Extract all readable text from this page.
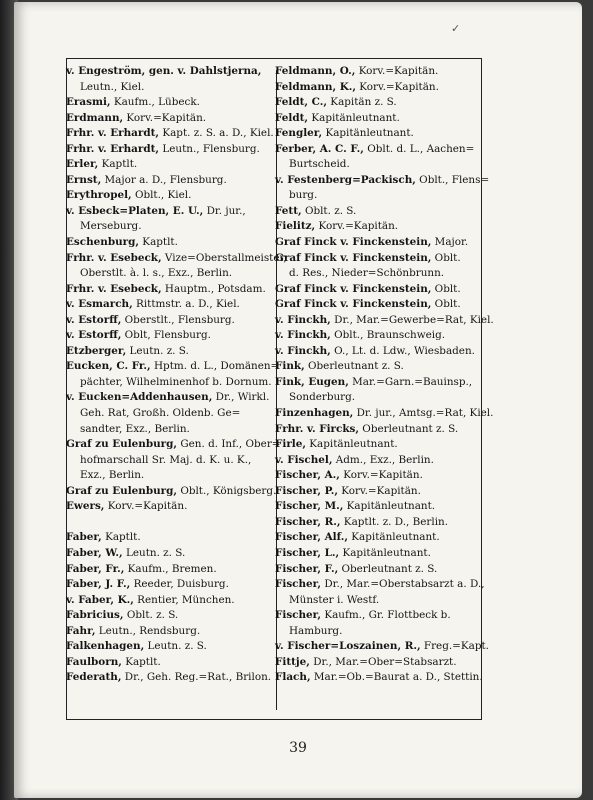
✓
39
v. Engeström, gen. v. Dahlstjerna,
Leutn., Kiel.
Erasmi, Kaufm., Lübeck.
Erdmann, Korv.=Kapitän.
Frhr. v. Erhardt, Kapt. z. S. a. D., Kiel.
Frhr. v. Erhardt, Leutn., Flensburg.
Erler, Kaptlt.
Ernst, Major a. D., Flensburg.
Erythropel, Oblt., Kiel.
v. Esbeck=Platen, E. U., Dr. jur.,
Merseburg.
Eschenburg, Kaptlt.
Frhr. v. Esebeck, Vize=Oberstallmeister,
Oberstlt. à. l. s., Exz., Berlin.
Frhr. v. Esebeck, Hauptm., Potsdam.
v. Esmarch, Rittmstr. a. D., Kiel.
v. Estorff, Oberstlt., Flensburg.
v. Estorff, Oblt, Flensburg.
Etzberger, Leutn. z. S.
Eucken, C. Fr., Hptm. d. L., Domänen=
pächter, Wilhelminenhof b. Dornum.
v. Eucken=Addenhausen, Dr., Wirkl.
Geh. Rat, Großh. Oldenb. Ge=
sandter, Exz., Berlin.
Graf zu Eulenburg, Gen. d. Inf., Ober=
hofmarschall Sr. Maj. d. K. u. K.,
Exz., Berlin.
Graf zu Eulenburg, Oblt., Königsberg.
Ewers, Korv.=Kapitän.
Faber, Kaptlt.
Faber, W., Leutn. z. S.
Faber, Fr., Kaufm., Bremen.
Faber, J. F., Reeder, Duisburg.
v. Faber, K., Rentier, München.
Fabricius, Oblt. z. S.
Fahr, Leutn., Rendsburg.
Falkenhagen, Leutn. z. S.
Faulborn, Kaptlt.
Federath, Dr., Geh. Reg.=Rat., Brilon.
Feldmann, O., Korv.=Kapitän.
Feldmann, K., Korv.=Kapitän.
Feldt, C., Kapitän z. S.
Feldt, Kapitänleutnant.
Fengler, Kapitänleutnant.
Ferber, A. C. F., Oblt. d. L., Aachen=
Burtscheid.
v. Festenberg=Packisch, Oblt., Flens=
burg.
Fett, Oblt. z. S.
Fielitz, Korv.=Kapitän.
Graf Finck v. Finckenstein, Major.
Graf Finck v. Finckenstein, Oblt.
d. Res., Nieder=Schönbrunn.
Graf Finck v. Finckenstein, Oblt.
Graf Finck v. Finckenstein, Oblt.
v. Finckh, Dr., Mar.=Gewerbe=Rat, Kiel.
v. Finckh, Oblt., Braunschweig.
v. Finckh, O., Lt. d. Ldw., Wiesbaden.
Fink, Oberleutnant z. S.
Fink, Eugen, Mar.=Garn.=Bauinsp.,
Sonderburg.
Finzenhagen, Dr. jur., Amtsg.=Rat, Kiel.
Frhr. v. Fircks, Oberleutnant z. S.
Firle, Kapitänleutnant.
v. Fischel, Adm., Exz., Berlin.
Fischer, A., Korv.=Kapitän.
Fischer, P., Korv.=Kapitän.
Fischer, M., Kapitänleutnant.
Fischer, R., Kaptlt. z. D., Berlin.
Fischer, Alf., Kapitänleutnant.
Fischer, L., Kapitänleutnant.
Fischer, F., Oberleutnant z. S.
Fischer, Dr., Mar.=Oberstabsarzt a. D.,
Münster i. Westf.
Fischer, Kaufm., Gr. Flottbeck b.
Hamburg.
v. Fischer=Loszainen, R., Freg.=Kapt.
Fittje, Dr., Mar.=Ober=Stabsarzt.
Flach, Mar.=Ob.=Baurat a. D., Stettin.
